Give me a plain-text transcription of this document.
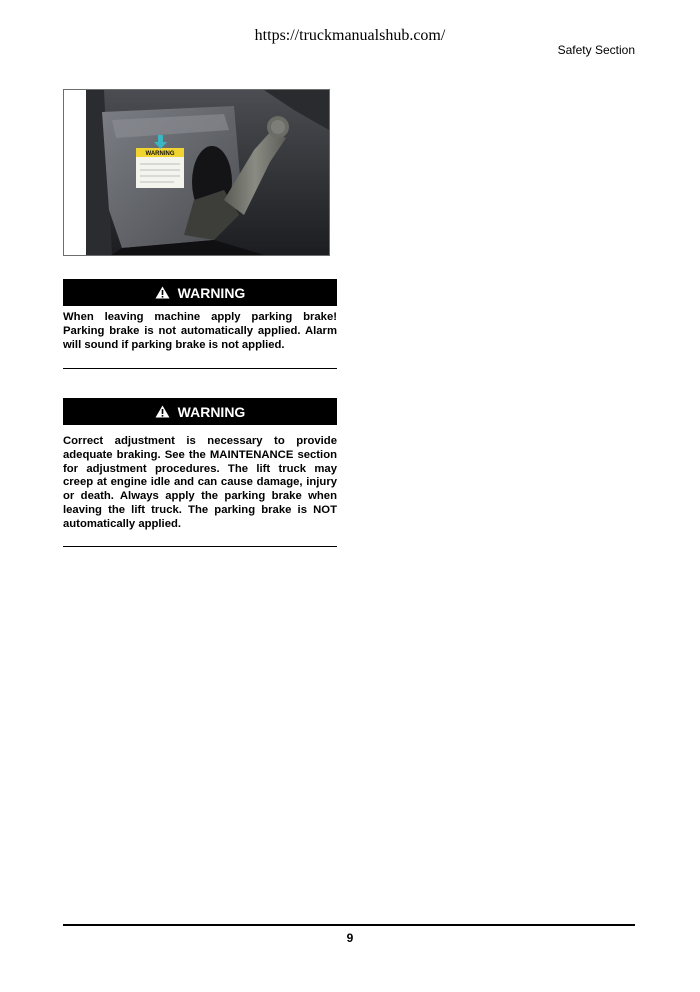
https://truckmanualshub.com/
Safety Section
WARNING
WARNING

When leaving machine apply parking brake! Parking brake is not automatically applied. Alarm will sound if parking brake is not applied.

WARNING

Correct adjustment is necessary to provide adequate braking. See the MAINTENANCE section for adjustment procedures. The lift truck may creep at engine idle and can cause damage, injury or death. Always apply the parking brake when leaving the lift truck. The parking brake is NOT automatically applied.

9
